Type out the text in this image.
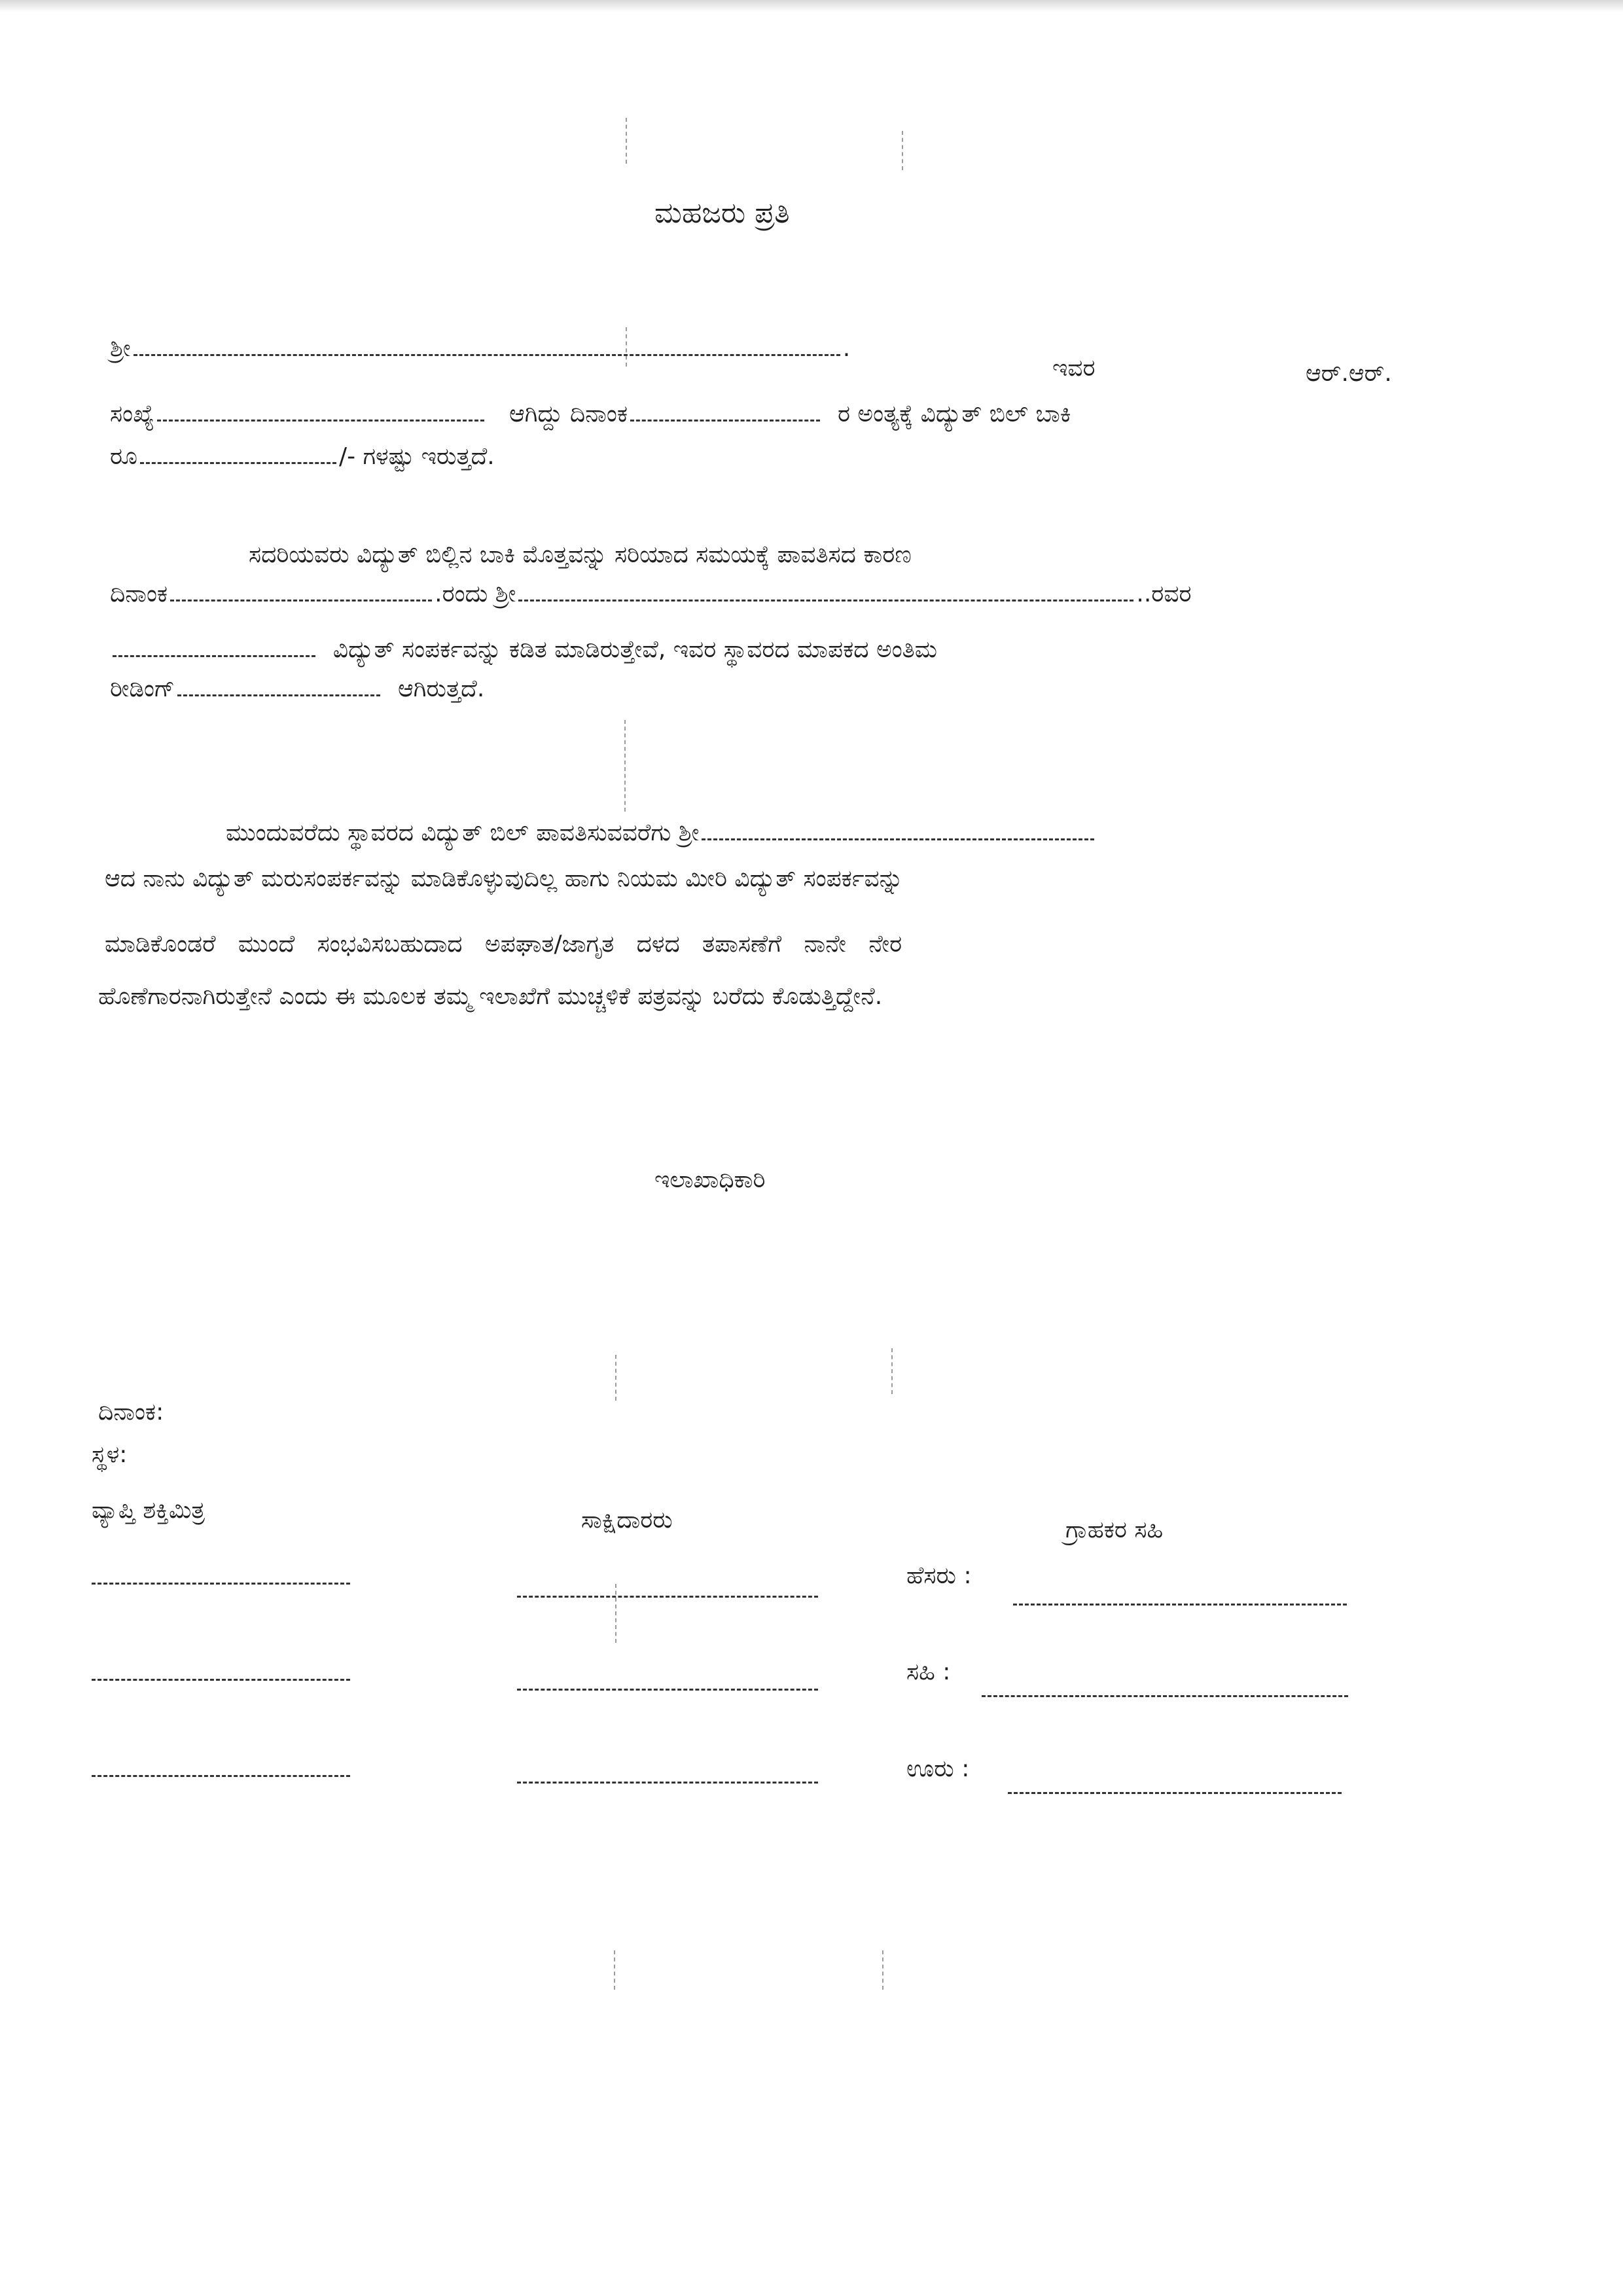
ಮಹಜರು ಪ್ರತಿ
ಶ್ರೀ	.
ಇವರ	ಆರ್.ಆರ್.
ಸಂಖ್ಯೆ	ಆಗಿದ್ದು ದಿನಾಂಕ	ರ ಅಂತ್ಯಕ್ಕೆ ವಿದ್ಯುತ್ ಬಿಲ್ ಬಾಕಿ
ರೂ	/- ಗಳಷ್ಟು ಇರುತ್ತದೆ.
ಸದರಿಯವರು ವಿದ್ಯುತ್ ಬಿಲ್ಲಿನ ಬಾಕಿ ಮೊತ್ತವನ್ನು ಸರಿಯಾದ ಸಮಯಕ್ಕೆ ಪಾವತಿಸದ ಕಾರಣ
ದಿನಾಂಕ	.ರಂದು ಶ್ರೀ	..ರವರ
ವಿದ್ಯುತ್ ಸಂಪರ್ಕವನ್ನು ಕಡಿತ ಮಾಡಿರುತ್ತೇವೆ, ಇವರ ಸ್ಥಾವರದ ಮಾಪಕದ ಅಂತಿಮ
ರೀಡಿಂಗ್	ಆಗಿರುತ್ತದೆ.
ಮುಂದುವರೆದು ಸ್ಥಾವರದ ವಿದ್ಯುತ್ ಬಿಲ್ ಪಾವತಿಸುವವರೆಗು ಶ್ರೀ
ಆದ ನಾನು ವಿದ್ಯುತ್ ಮರುಸಂಪರ್ಕವನ್ನು ಮಾಡಿಕೊಳ್ಳುವುದಿಲ್ಲ ಹಾಗು ನಿಯಮ ಮೀರಿ ವಿದ್ಯುತ್ ಸಂಪರ್ಕವನ್ನು
ಮಾಡಿಕೊಂಡರೆ   ಮುಂದೆ   ಸಂಭವಿಸಬಹುದಾದ   ಅಪಘಾತ/ಜಾಗೃತ   ದಳದ   ತಪಾಸಣೆಗೆ   ನಾನೇ   ನೇರ
ಹೊಣೆಗಾರನಾಗಿರುತ್ತೇನೆ ಎಂದು ಈ ಮೂಲಕ ತಮ್ಮ ಇಲಾಖೆಗೆ ಮುಚ್ಚಳಿಕೆ ಪತ್ರವನ್ನು ಬರೆದು ಕೊಡುತ್ತಿದ್ದೇನೆ.
ಇಲಾಖಾಧಿಕಾರಿ
ದಿನಾಂಕ:
ಸ್ಥಳ:
ವ್ಯಾಪ್ತಿ ಶಕ್ತಿಮಿತ್ರ	ಸಾಕ್ಷಿದಾರರು	ಗ್ರಾಹಕರ ಸಹಿ
ಹೆಸರು :
ಸಹಿ :
ಊರು :
